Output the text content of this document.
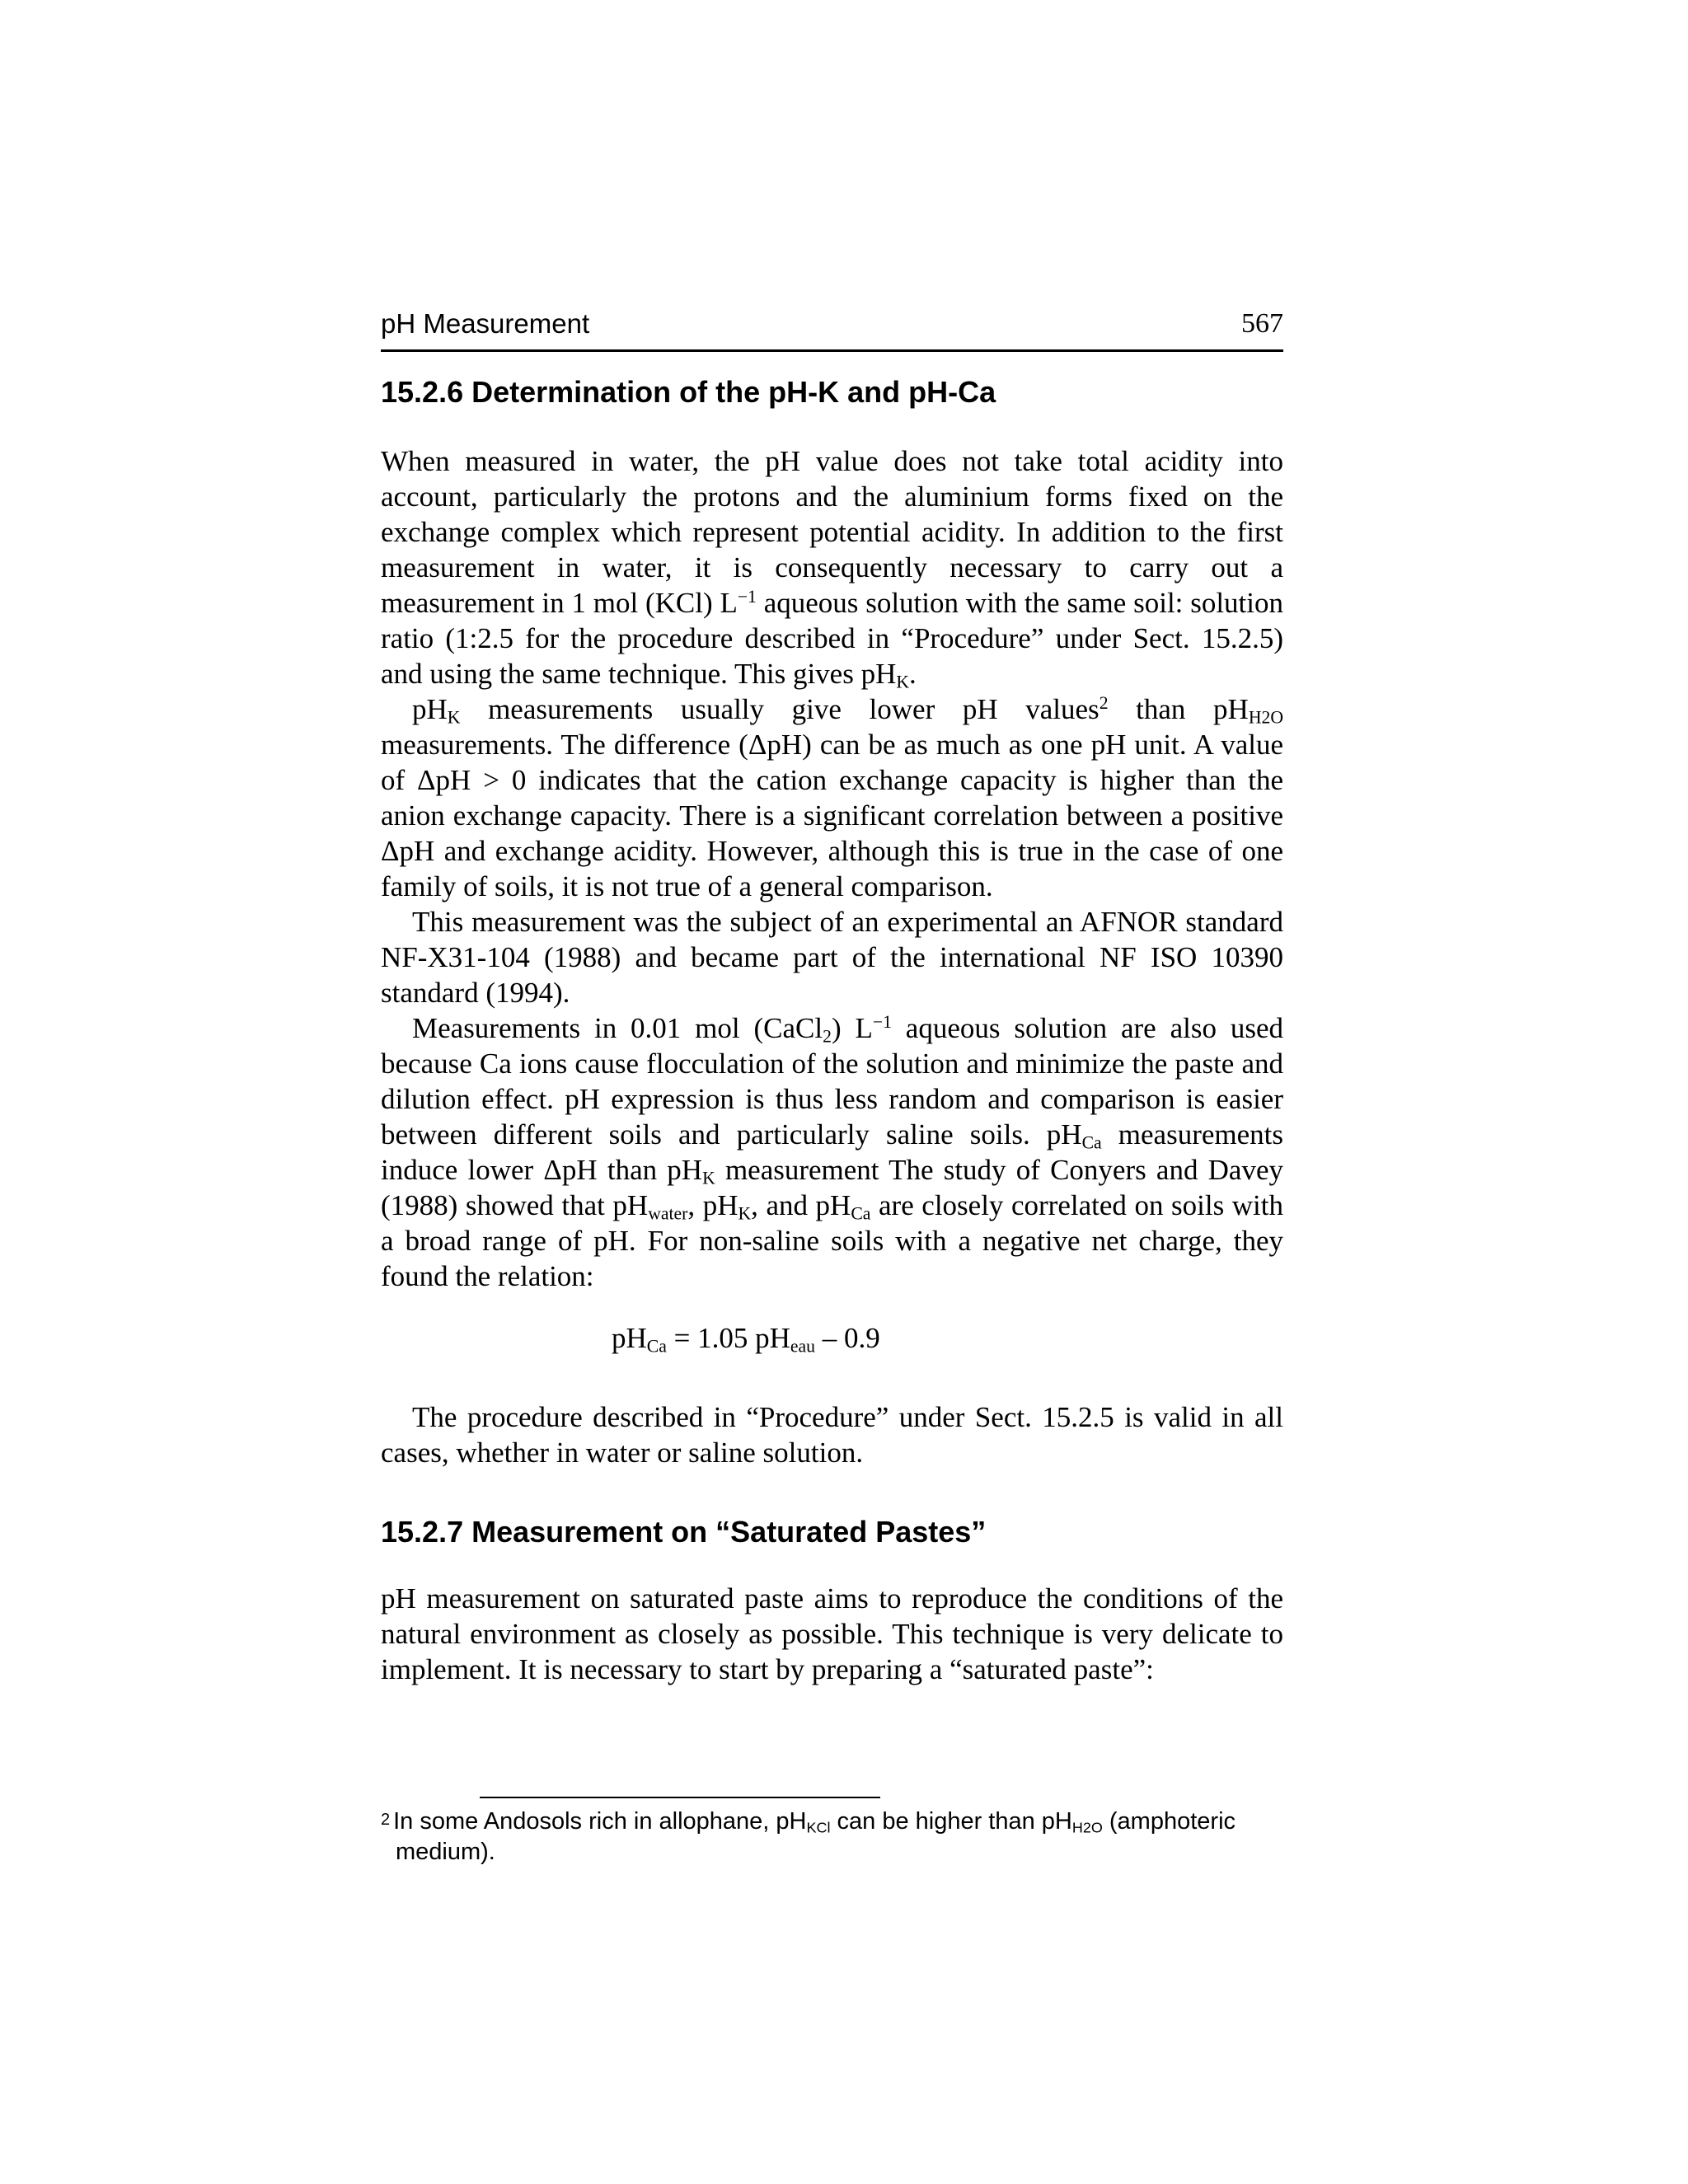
pH Measurement	567
15.2.6 Determination of the pH-K and pH-Ca

When measured in water, the pH value does not take total acidity into account, particularly the protons and the aluminium forms fixed on the exchange complex which represent potential acidity. In addition to the first measurement in water, it is consequently necessary to carry out a measurement in 1 mol (KCl) $L^{-1}$ aqueous solution with the same soil: solution ratio (1:2.5 for the procedure described in “Procedure” under Sect. 15.2.5) and using the same technique. This gives $pH_K$.

$pH_K$ measurements usually give lower pH values$^2$ than $pH_{H2O}$ measurements. The difference (ΔpH) can be as much as one pH unit. A value of ΔpH > 0 indicates that the cation exchange capacity is higher than the anion exchange capacity. There is a significant correlation between a positive ΔpH and exchange acidity. However, although this is true in the case of one family of soils, it is not true of a general comparison.

This measurement was the subject of an experimental an AFNOR standard NF-X31-104 (1988) and became part of the international NF ISO 10390 standard (1994).

Measurements in 0.01 mol (CaCl$_2$) $L^{-1}$ aqueous solution are also used because Ca ions cause flocculation of the solution and minimize the paste and dilution effect. pH expression is thus less random and comparison is easier between different soils and particularly saline soils. $pH_{Ca}$ measurements induce lower ΔpH than $pH_K$ measurement The study of Conyers and Davey (1988) showed that $pH_{water}$, $pH_K$, and $pH_{Ca}$ are closely correlated on soils with a broad range of pH. For non-saline soils with a negative net charge, they found the relation:

$pH_{Ca} = 1.05$ $pH_{eau} - 0.9$

The procedure described in “Procedure” under Sect. 15.2.5 is valid in all cases, whether in water or saline solution.

15.2.7 Measurement on “Saturated Pastes”

pH measurement on saturated paste aims to reproduce the conditions of the natural environment as closely as possible. This technique is very delicate to implement. It is necessary to start by preparing a “saturated paste”:

$^2$ In some Andosols rich in allophane, $pH_{KCl}$ can be higher than $pH_{H2O}$ (amphoteric
medium).
